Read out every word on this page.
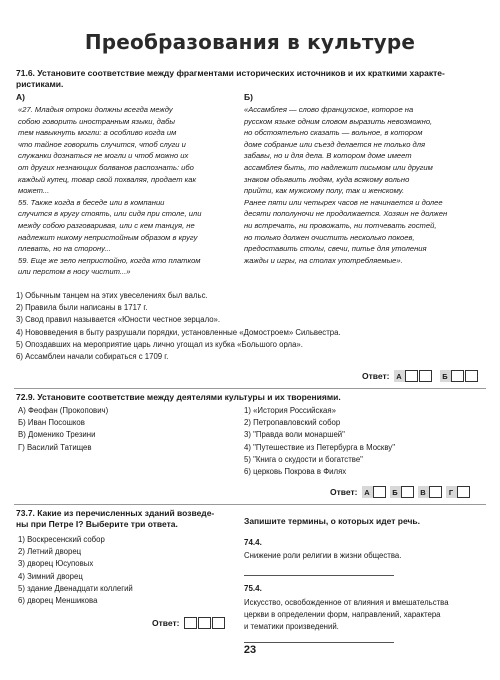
Преобразования в культуре
71.6. Установите соответствие между фрагментами исторических источников и их краткими характе-
ристиками.
А)	Б)
«27. Младыя отроки должны всегда между
собою говорить иностранным языки, дабы
тем навыкнуть могли: а особливо когда им
что тайное говорить случится, чтоб слуги и
служанки дознаться не могли и чтоб можно их
от других незнающих болванов распознать: ибо
каждый купец, товар свой похваляя, продает как
может...
55. Также когда в беседе или в компании
случится в кругу стоять, или сидя при столе, или
между собою разговаривая, или с кем танцуя, не
надлежит никому непристойным образом в кругу
плевать, но на сторону...
59. Еще же зело непристойно, когда кто платком
или перстом в носу чистит...»
«Ассамблея — слово французское, которое на
русском языке одним словом выразить невозможно,
но обстоятельно сказать — вольное, в котором
доме собрание или съезд делается не только для
забавы, но и для дела. В котором доме имеет
ассамблея быть, то надлежит письмом или другим
знаком объявить людям, куда всякому вольно
прийти, как мужскому полу, так и женскому.
Ранее пяти или четырех часов не начинается и долее
десяти пополуночи не продолжается. Хозяин не должен
ни встречать, ни провожать, ни потчевать гостей,
но только должен очистить несколько покоев,
предоставить столы, свечи, питье для утоления
жажды и игры, на столах употребляемые».
1) Обычным танцем на этих увеселениях был вальс.
2) Правила были написаны в 1717 г.
3) Свод правил называется «Юности честное зерцало».
4) Нововведения в быту разрушали порядки, установленные «Домостроем» Сильвестра.
5) Опоздавших на мероприятие царь лично угощал из кубка «Большого орла».
6) Ассамблеи начали собираться с 1709 г.
Ответ: А	Б
72.9. Установите соответствие между деятелями культуры и их творениями.
А) Феофан (Прокопович)
Б) Иван Посошков
В) Доменико Трезини
Г) Василий Татищев
1) «История Российская»
2) Петропавловский собор
3) "Правда воли монаршей"
4) "Путешествие из Петербурга в Москву"
5) "Книга о скудости и богатстве"
6) церковь Покрова в Филях
Ответ: А	Б	В	Г
73.7. Какие из перечисленных зданий возведе-
ны при Петре I? Выберите три ответа.
1) Воскресенский собор
2) Летний дворец
3) дворец Юсуповых
4) Зимний дворец
5) здание Двенадцати коллегий
6) дворец Меншикова
Ответ:
Запишите термины, о которых идет речь.
74.4.
Снижение роли религии в жизни общества.
75.4.
Искусство, освобожденное от влияния и вмешательства
церкви в определении форм, направлений, характера
и тематики произведений.
23
